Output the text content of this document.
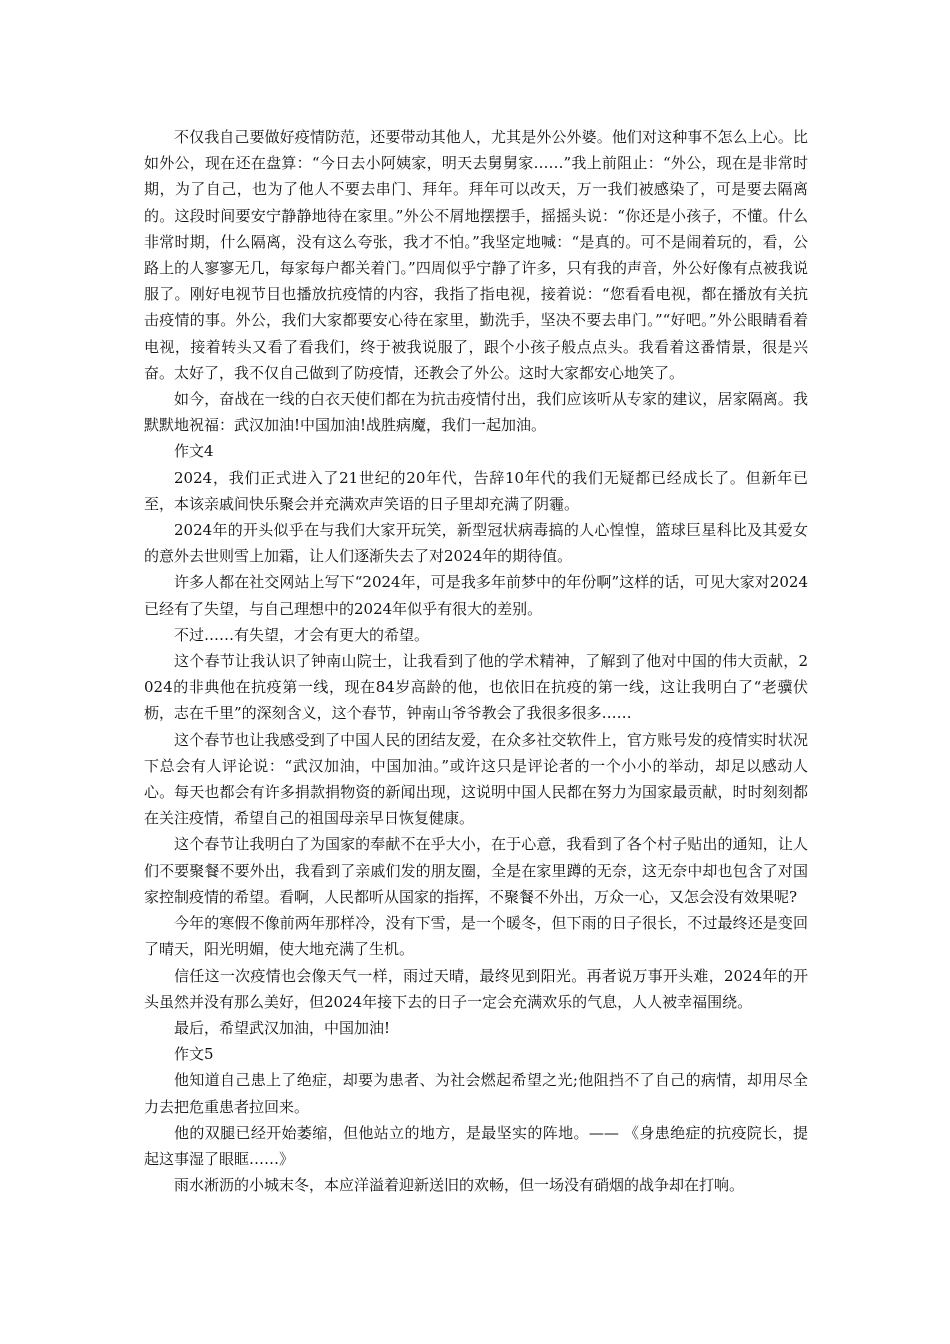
不仅我自己要做好疫情防范，还要带动其他人，尤其是外公外婆。他们对这种事不怎么上心。比如外公，现在还在盘算：“今日去小阿姨家，明天去舅舅家……”我上前阻止：“外公，现在是非常时期，为了自己，也为了他人不要去串门、拜年。拜年可以改天，万一我们被感染了，可是要去隔离的。这段时间要安宁静静地待在家里。”外公不屑地摆摆手，摇摇头说：“你还是小孩子，不懂。什么非常时期，什么隔离，没有这么夸张，我才不怕。”我坚定地喊：“是真的。可不是闹着玩的，看，公路上的人寥寥无几，每家每户都关着门。”四周似乎宁静了许多，只有我的声音，外公好像有点被我说服了。刚好电视节目也播放抗疫情的内容，我指了指电视，接着说：“您看看电视，都在播放有关抗击疫情的事。外公，我们大家都要安心待在家里，勤洗手，坚决不要去串门。”“好吧。”外公眼睛看着电视，接着转头又看了看我们，终于被我说服了，跟个小孩子般点点头。我看着这番情景，很是兴奋。太好了，我不仅自己做到了防疫情，还教会了外公。这时大家都安心地笑了。

如今，奋战在一线的白衣天使们都在为抗击疫情付出，我们应该听从专家的建议，居家隔离。我默默地祝福：武汉加油!中国加油!战胜病魔，我们一起加油。

作文4

2024，我们正式进入了21世纪的20年代，告辞10年代的我们无疑都已经成长了。但新年已至，本该亲戚间快乐聚会并充满欢声笑语的日子里却充满了阴霾。

2024年的开头似乎在与我们大家开玩笑，新型冠状病毒搞的人心惶惶，篮球巨星科比及其爱女的意外去世则雪上加霜，让人们逐渐失去了对2024年的期待值。

许多人都在社交网站上写下“2024年，可是我多年前梦中的年份啊”这样的话，可见大家对2024已经有了失望，与自己理想中的2024年似乎有很大的差别。

不过……有失望，才会有更大的希望。

这个春节让我认识了钟南山院士，让我看到了他的学术精神，了解到了他对中国的伟大贡献，2024的非典他在抗疫第一线，现在84岁高龄的他，也依旧在抗疫的第一线，这让我明白了“老骥伏枥，志在千里”的深刻含义，这个春节，钟南山爷爷教会了我很多很多……

这个春节也让我感受到了中国人民的团结友爱，在众多社交软件上，官方账号发的疫情实时状况下总会有人评论说：“武汉加油，中国加油。”或许这只是评论者的一个小小的举动，却足以感动人心。每天也都会有许多捐款捐物资的新闻出现，这说明中国人民都在努力为国家最贡献，时时刻刻都在关注疫情，希望自己的祖国母亲早日恢复健康。

这个春节让我明白了为国家的奉献不在乎大小，在于心意，我看到了各个村子贴出的通知，让人们不要聚餐不要外出，我看到了亲戚们发的朋友圈，全是在家里蹲的无奈，这无奈中却也包含了对国家控制疫情的希望。看啊，人民都听从国家的指挥，不聚餐不外出，万众一心，又怎会没有效果呢?

今年的寒假不像前两年那样冷，没有下雪，是一个暖冬，但下雨的日子很长，不过最终还是变回了晴天，阳光明媚，使大地充满了生机。

信任这一次疫情也会像天气一样，雨过天晴，最终见到阳光。再者说万事开头难，2024年的开头虽然并没有那么美好，但2024年接下去的日子一定会充满欢乐的气息，人人被幸福围绕。

最后，希望武汉加油，中国加油!

作文5

他知道自己患上了绝症，却要为患者、为社会燃起希望之光;他阻挡不了自己的病情，却用尽全力去把危重患者拉回来。

他的双腿已经开始萎缩，但他站立的地方，是最坚实的阵地。—— 《身患绝症的抗疫院长，提起这事湿了眼眶……》

雨水淅沥的小城末冬，本应洋溢着迎新送旧的欢畅，但一场没有硝烟的战争却在打响。
